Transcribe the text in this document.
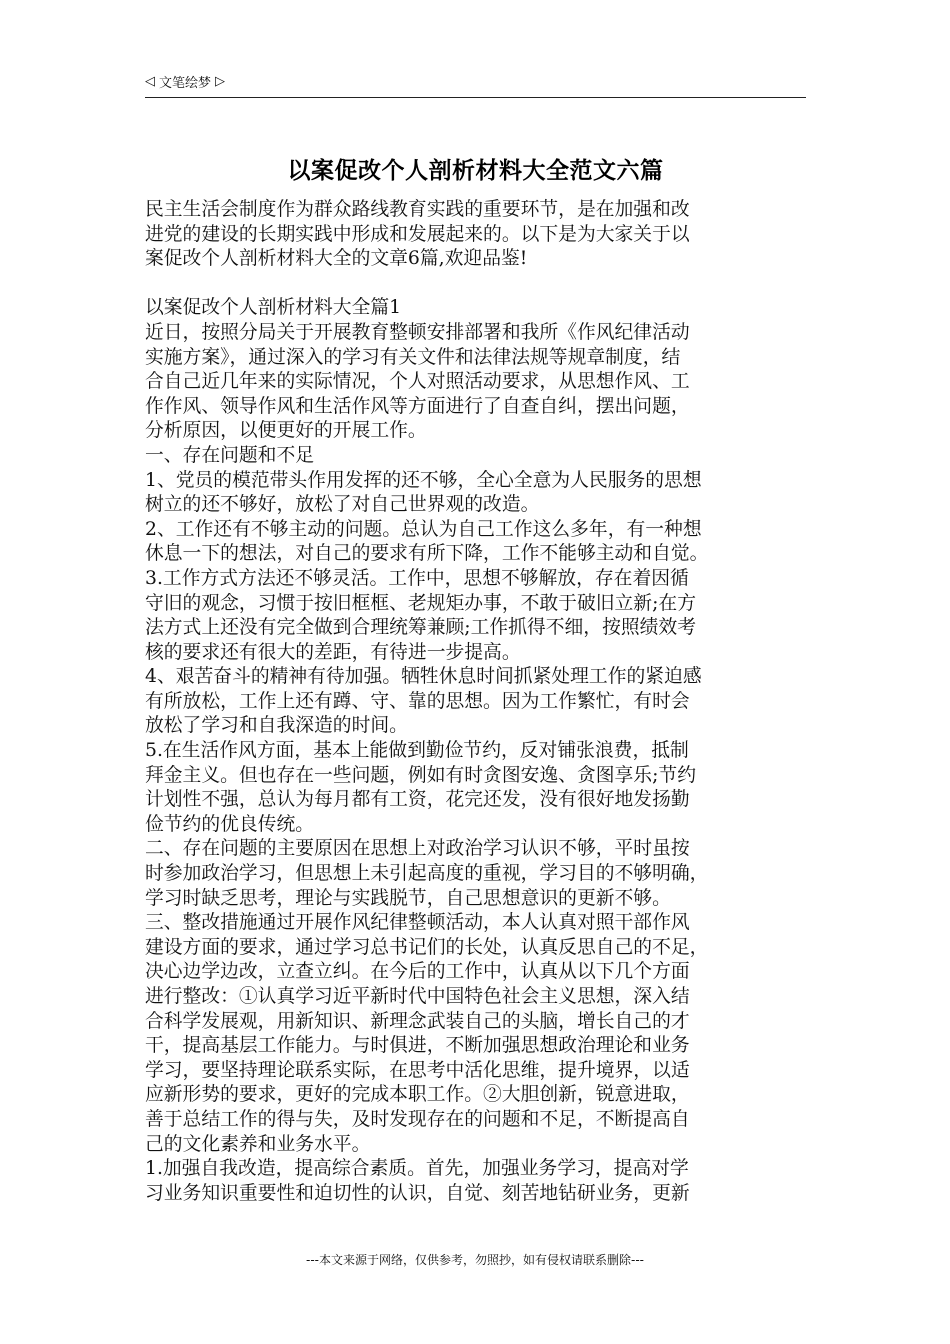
◁ 文笔绘梦 ▷
以案促改个人剖析材料大全范文六篇
民主生活会制度作为群众路线教育实践的重要环节，是在加强和改
进党的建设的长期实践中形成和发展起来的。以下是为大家关于以
案促改个人剖析材料大全的文章6篇,欢迎品鉴!
以案促改个人剖析材料大全篇1
近日，按照分局关于开展教育整顿安排部署和我所《作风纪律活动
实施方案》，通过深入的学习有关文件和法律法规等规章制度，结
合自己近几年来的实际情况，个人对照活动要求，从思想作风、工
作作风、领导作风和生活作风等方面进行了自查自纠，摆出问题，
分析原因，以便更好的开展工作。
一、存在问题和不足
1、党员的模范带头作用发挥的还不够，全心全意为人民服务的思想
树立的还不够好，放松了对自己世界观的改造。
2、工作还有不够主动的问题。总认为自己工作这么多年，有一种想
休息一下的想法，对自己的要求有所下降，工作不能够主动和自觉。
3.工作方式方法还不够灵活。工作中，思想不够解放，存在着因循
守旧的观念，习惯于按旧框框、老规矩办事，不敢于破旧立新;在方
法方式上还没有完全做到合理统筹兼顾;工作抓得不细，按照绩效考
核的要求还有很大的差距，有待进一步提高。
4、艰苦奋斗的精神有待加强。牺牲休息时间抓紧处理工作的紧迫感
有所放松，工作上还有蹲、守、靠的思想。因为工作繁忙，有时会
放松了学习和自我深造的时间。
5.在生活作风方面，基本上能做到勤俭节约，反对铺张浪费，抵制
拜金主义。但也存在一些问题，例如有时贪图安逸、贪图享乐;节约
计划性不强，总认为每月都有工资，花完还发，没有很好地发扬勤
俭节约的优良传统。
二、存在问题的主要原因在思想上对政治学习认识不够，平时虽按
时参加政治学习，但思想上未引起高度的重视，学习目的不够明确，
学习时缺乏思考，理论与实践脱节，自己思想意识的更新不够。
三、整改措施通过开展作风纪律整顿活动，本人认真对照干部作风
建设方面的要求，通过学习总书记们的长处，认真反思自己的不足，
决心边学边改，立查立纠。在今后的工作中，认真从以下几个方面
进行整改：①认真学习近平新时代中国特色社会主义思想，深入结
合科学发展观，用新知识、新理念武装自己的头脑，增长自己的才
干，提高基层工作能力。与时俱进，不断加强思想政治理论和业务
学习，要坚持理论联系实际，在思考中活化思维，提升境界，以适
应新形势的要求，更好的完成本职工作。②大胆创新，锐意进取，
善于总结工作的得与失，及时发现存在的问题和不足，不断提高自
己的文化素养和业务水平。
1.加强自我改造，提高综合素质。首先，加强业务学习，提高对学
习业务知识重要性和迫切性的认识，自觉、刻苦地钻研业务，更新
---本文来源于网络，仅供参考，勿照抄，如有侵权请联系删除---
